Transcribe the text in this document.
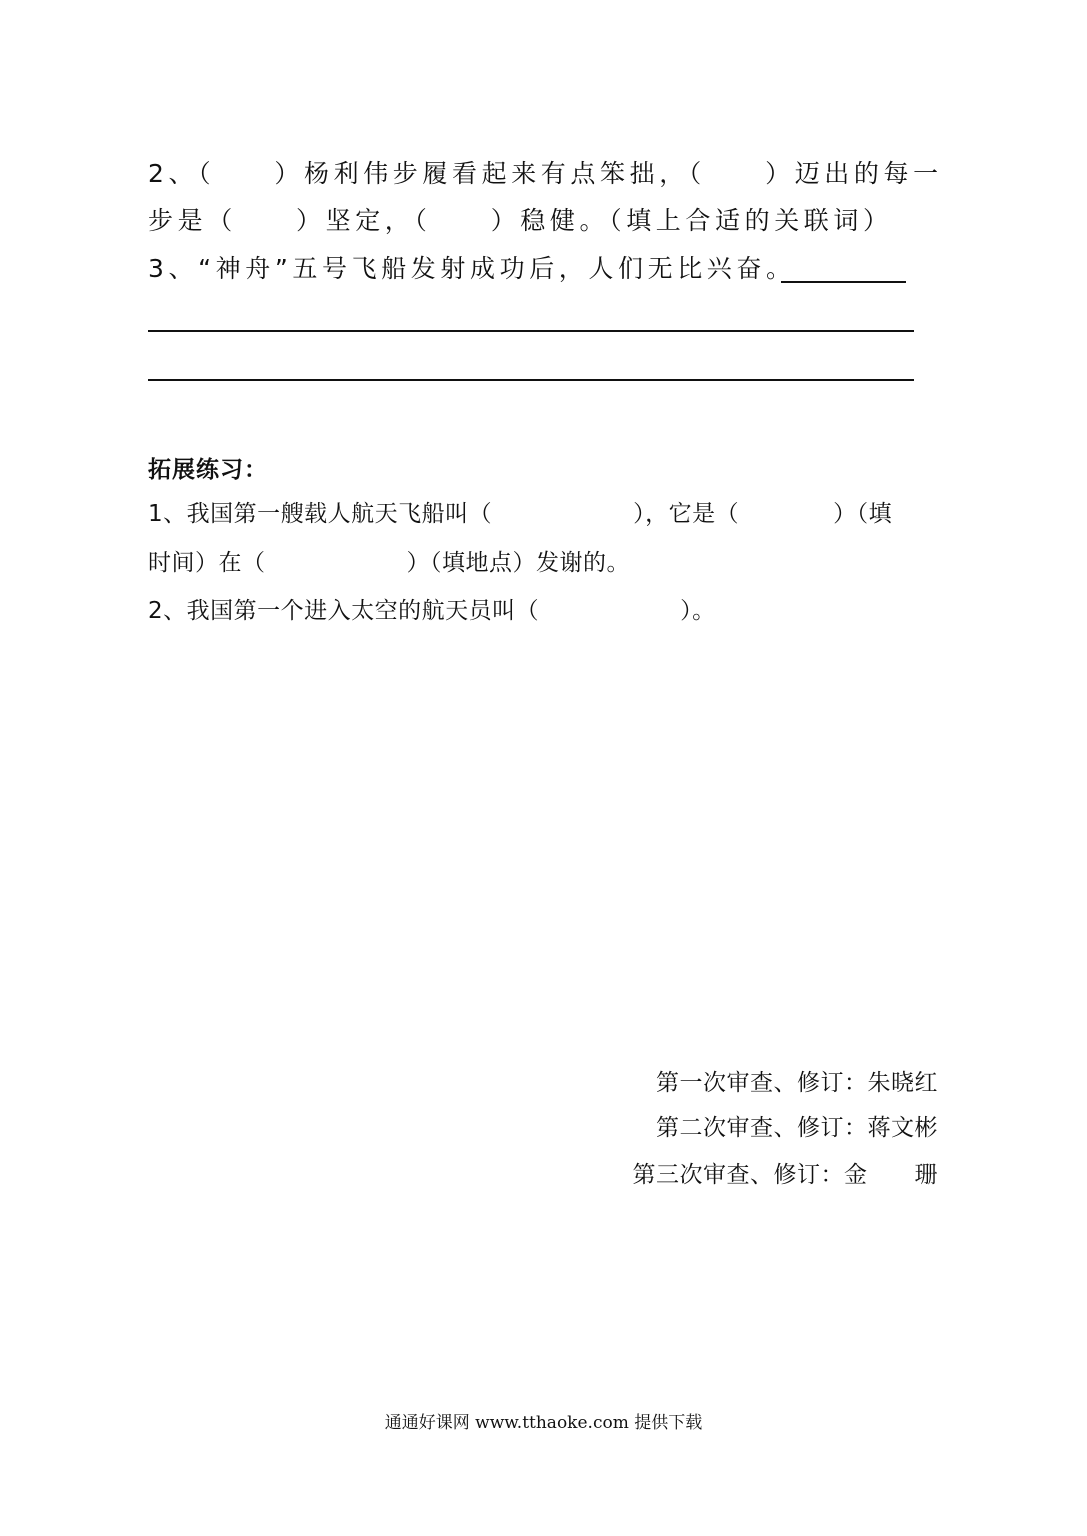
2、（　　）杨利伟步履看起来有点笨拙，（　　）迈出的每一
步是（　　）坚定，（　　）稳健。（填上合适的关联词）
3、“神舟”五号飞船发射成功后，人们无比兴奋。
拓展练习：
1、我国第一艘载人航天飞船叫（　　　　　　），它是（　　　　）（填
时间）在（　　　　　　）（填地点）发谢的。
2、我国第一个进入太空的航天员叫（　　　　　　）。
第一次审查、修订：朱晓红
第二次审查、修订：蒋文彬
第三次审查、修订：金　　珊
通通好课网 www.tthaoke.com 提供下载
